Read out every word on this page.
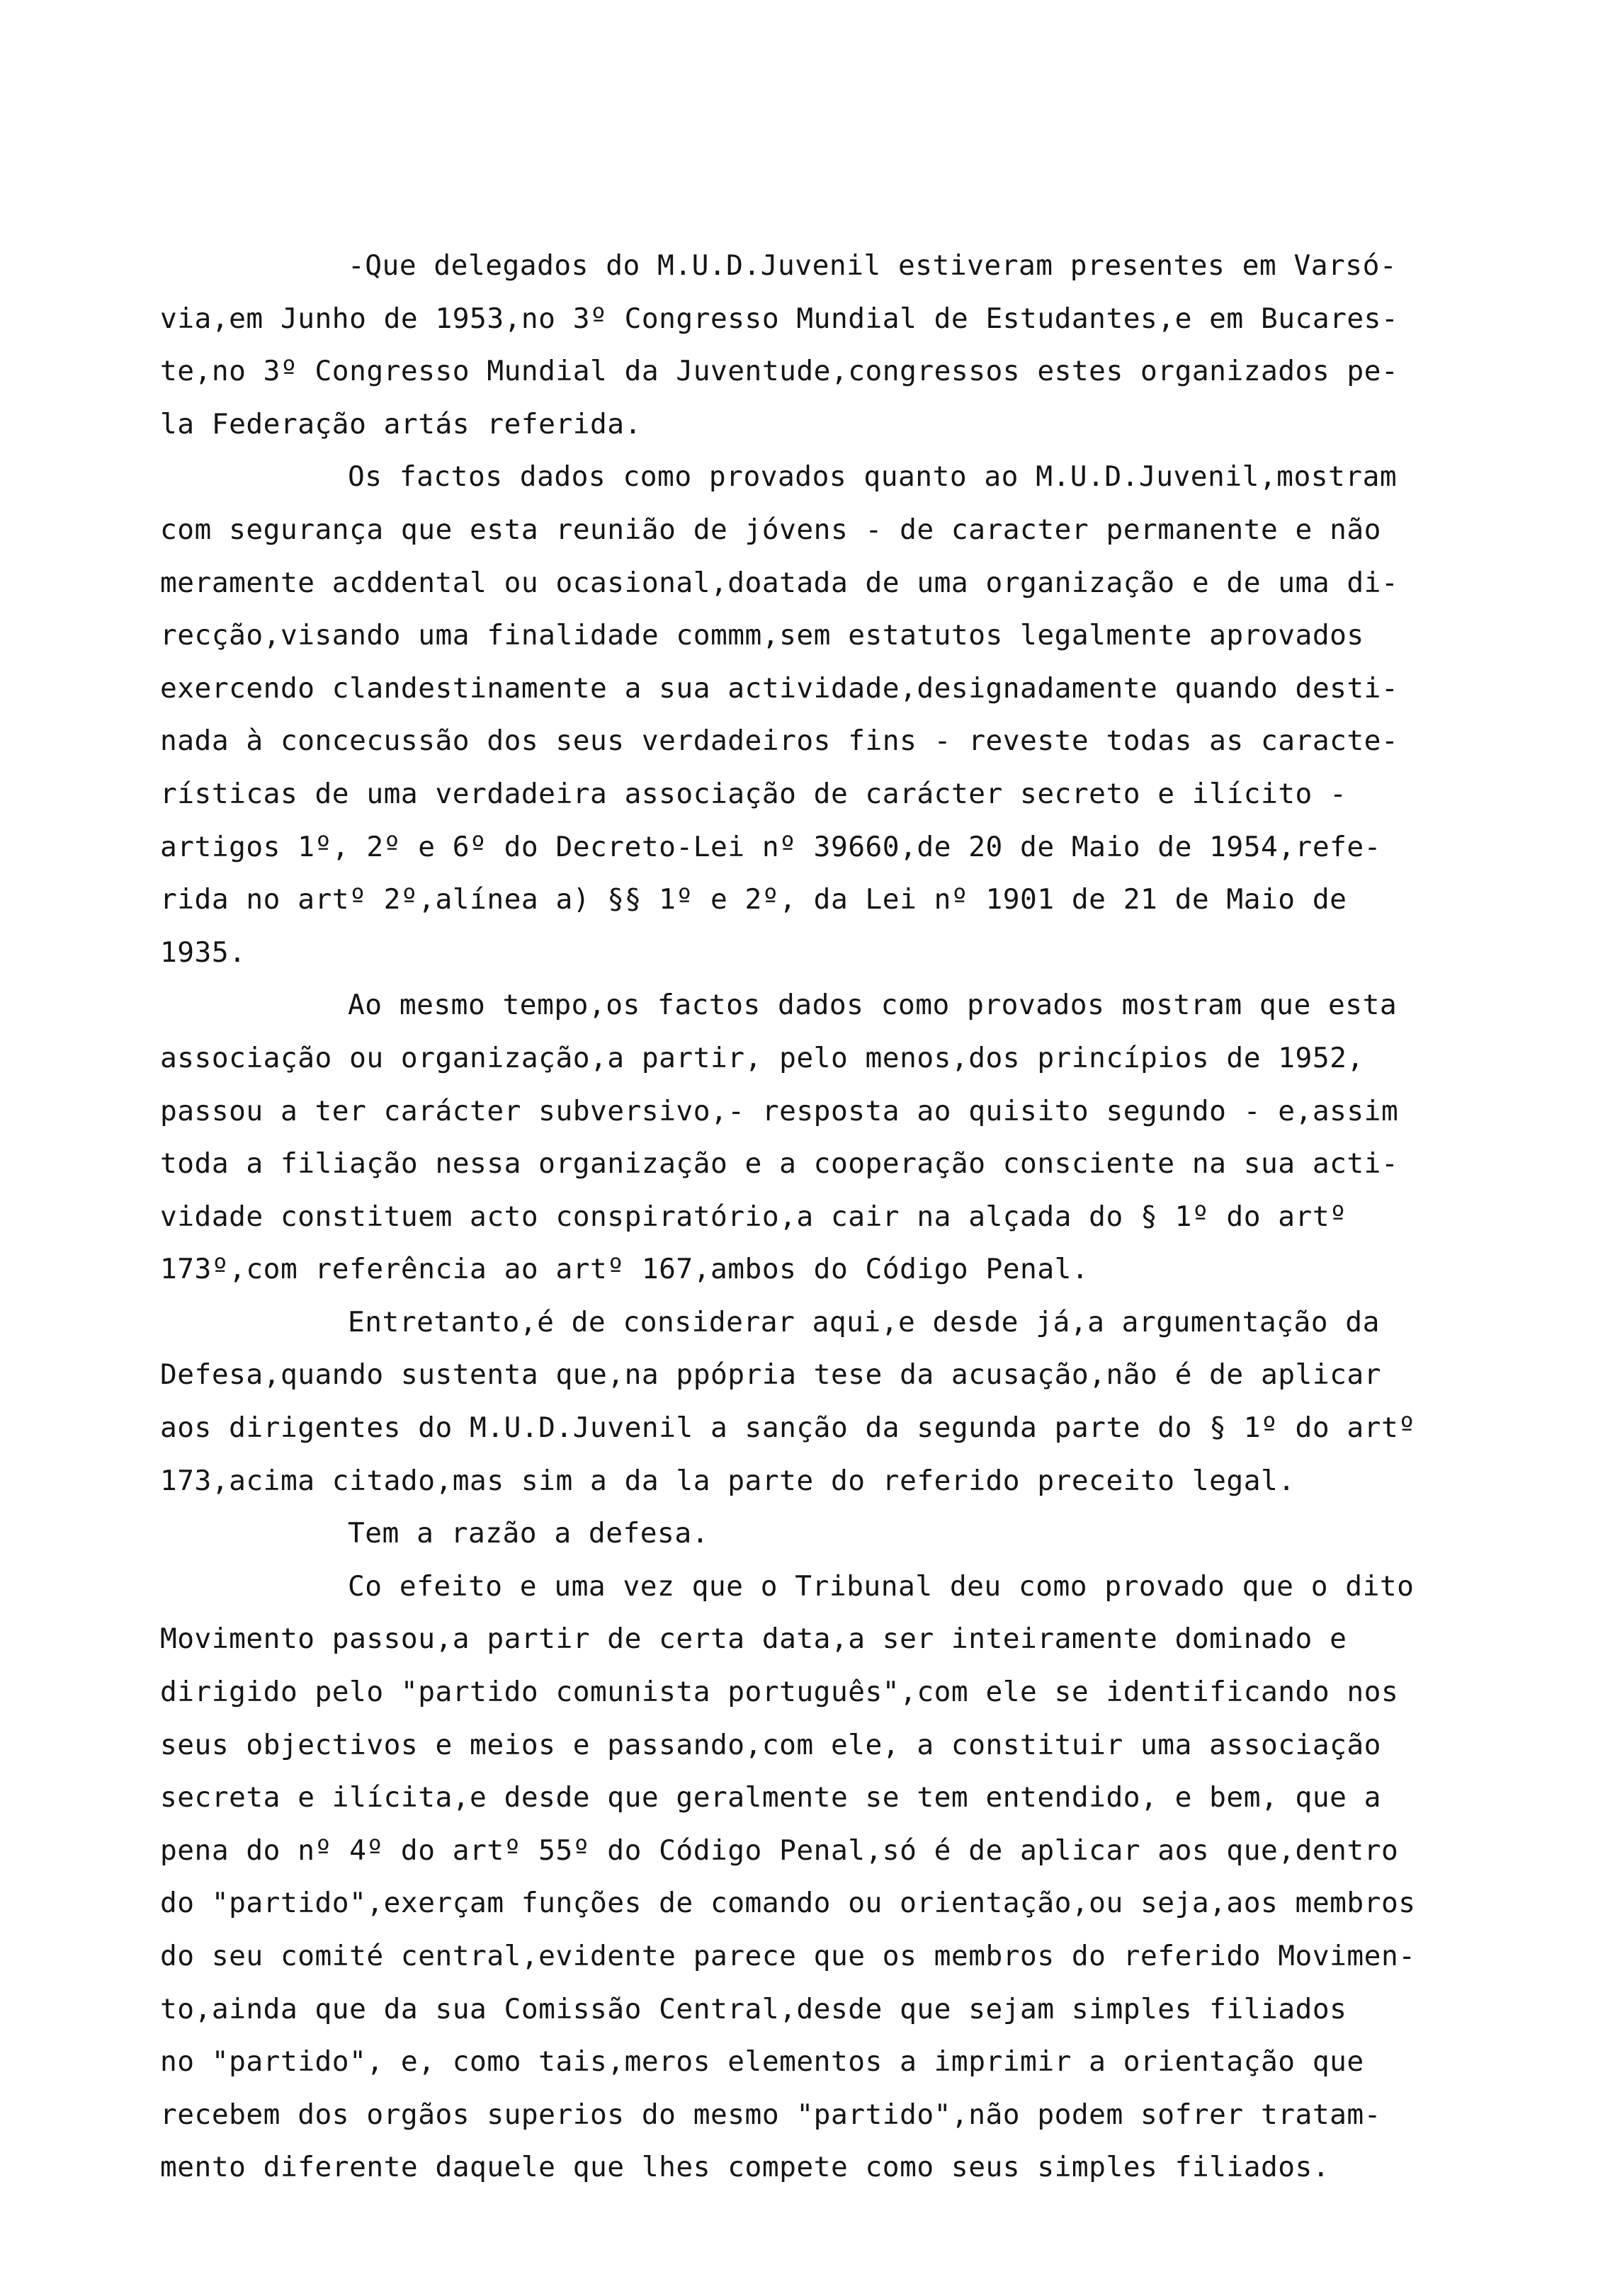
-Que delegados do M.U.D.Juvenil estiveram presentes em Varsó-
via,em Junho de 1953,no 3º Congresso Mundial de Estudantes,e em Bucares-
te,no 3º Congresso Mundial da Juventude,congressos estes organizados pe-
la Federação artás referida.
Os factos dados como provados quanto ao M.U.D.Juvenil,mostram
com segurança que esta reunião de jóvens - de caracter permanente e não
meramente acddental ou ocasional,doatada de uma organização e de uma di-
recção,visando uma finalidade commm,sem estatutos legalmente aprovados
exercendo clandestinamente a sua actividade,designadamente quando desti-
nada à concecussão dos seus verdadeiros fins - reveste todas as caracte-
rísticas de uma verdadeira associação de carácter secreto e ilícito -
artigos 1º, 2º e 6º do Decreto-Lei nº 39660,de 20 de Maio de 1954,refe-
rida no artº 2º,alínea a) §§ 1º e 2º, da Lei nº 1901 de 21 de Maio de
1935.
Ao mesmo tempo,os factos dados como provados mostram que esta
associação ou organização,a partir, pelo menos,dos princípios de 1952,
passou a ter carácter subversivo,- resposta ao quisito segundo - e,assim
toda a filiação nessa organização e a cooperação consciente na sua acti-
vidade constituem acto conspiratório,a cair na alçada do § 1º do artº
173º,com referência ao artº 167,ambos do Código Penal.
Entretanto,é de considerar aqui,e desde já,a argumentação da
Defesa,quando sustenta que,na ppópria tese da acusação,não é de aplicar
aos dirigentes do M.U.D.Juvenil a sanção da segunda parte do § 1º do artº
173,acima citado,mas sim a da la parte do referido preceito legal.
Tem a razão a defesa.
Co efeito e uma vez que o Tribunal deu como provado que o dito
Movimento passou,a partir de certa data,a ser inteiramente dominado e
dirigido pelo "partido comunista português",com ele se identificando nos
seus objectivos e meios e passando,com ele, a constituir uma associação
secreta e ilícita,e desde que geralmente se tem entendido, e bem, que a
pena do nº 4º do artº 55º do Código Penal,só é de aplicar aos que,dentro
do "partido",exerçam funções de comando ou orientação,ou seja,aos membros
do seu comité central,evidente parece que os membros do referido Movimen-
to,ainda que da sua Comissão Central,desde que sejam simples filiados
no "partido", e, como tais,meros elementos a imprimir a orientação que
recebem dos orgãos superios do mesmo "partido",não podem sofrer tratam-
mento diferente daquele que lhes compete como seus simples filiados.
